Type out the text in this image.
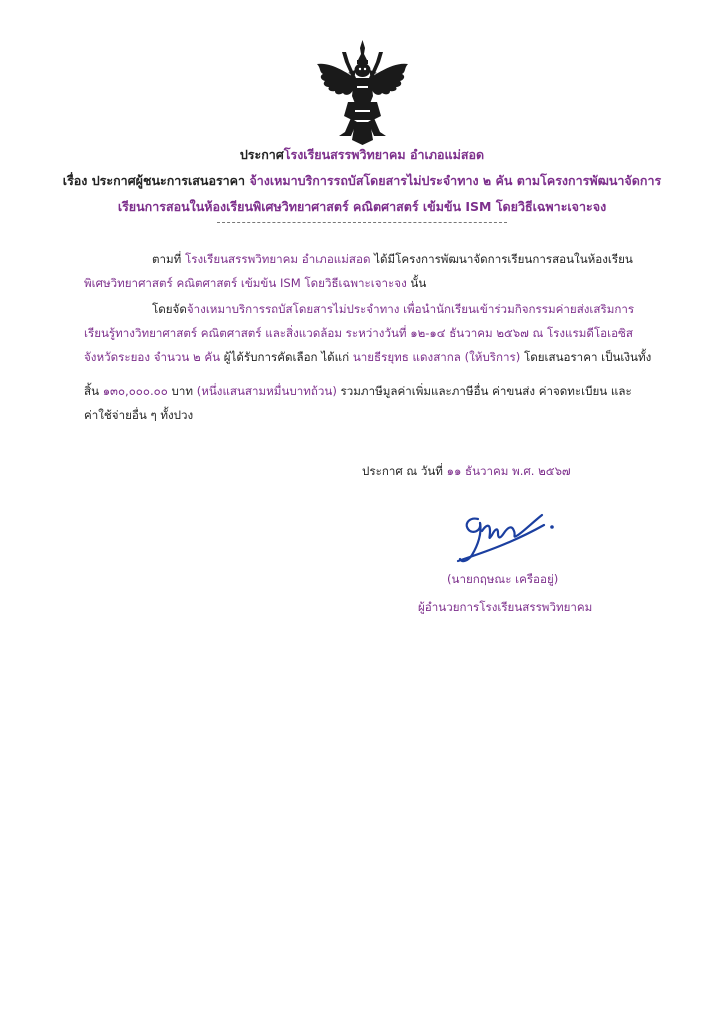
ประกาศโรงเรียนสรรพวิทยาคม อำเภอแม่สอด
เรื่อง ประกาศผู้ชนะการเสนอราคา จ้างเหมาบริการรถบัสโดยสารไม่ประจำทาง ๒ คัน ตามโครงการพัฒนาจัดการ
เรียนการสอนในห้องเรียนพิเศษวิทยาศาสตร์ คณิตศาสตร์ เข้มข้น ISM โดยวิธีเฉพาะเจาะจง
ตามที่ โรงเรียนสรรพวิทยาคม อำเภอแม่สอด ได้มีโครงการพัฒนาจัดการเรียนการสอนในห้องเรียน
พิเศษวิทยาศาสตร์ คณิตศาสตร์ เข้มข้น ISM โดยวิธีเฉพาะเจาะจง นั้น
โดยจัดจ้างเหมาบริการรถบัสโดยสารไม่ประจำทาง เพื่อนำนักเรียนเข้าร่วมกิจกรรมค่ายส่งเสริมการ
เรียนรู้ทางวิทยาศาสตร์ คณิตศาสตร์ และสิ่งแวดล้อม ระหว่างวันที่ ๑๒-๑๔ ธันวาคม ๒๕๖๗ ณ โรงแรมดีโอเอซิส
จังหวัดระยอง จำนวน ๒ คัน ผู้ได้รับการคัดเลือก ได้แก่ นายธีรยุทธ แดงสากล (ให้บริการ) โดยเสนอราคา เป็นเงินทั้ง
สิ้น ๑๓๐,๐๐๐.๐๐ บาท (หนึ่งแสนสามหมื่นบาทถ้วน) รวมภาษีมูลค่าเพิ่มและภาษีอื่น ค่าขนส่ง ค่าจดทะเบียน และ
ค่าใช้จ่ายอื่น ๆ ทั้งปวง
ประกาศ ณ วันที่ ๑๑ ธันวาคม พ.ศ. ๒๕๖๗
(นายกฤษณะ เครืออยู่)
ผู้อำนวยการโรงเรียนสรรพวิทยาคม
